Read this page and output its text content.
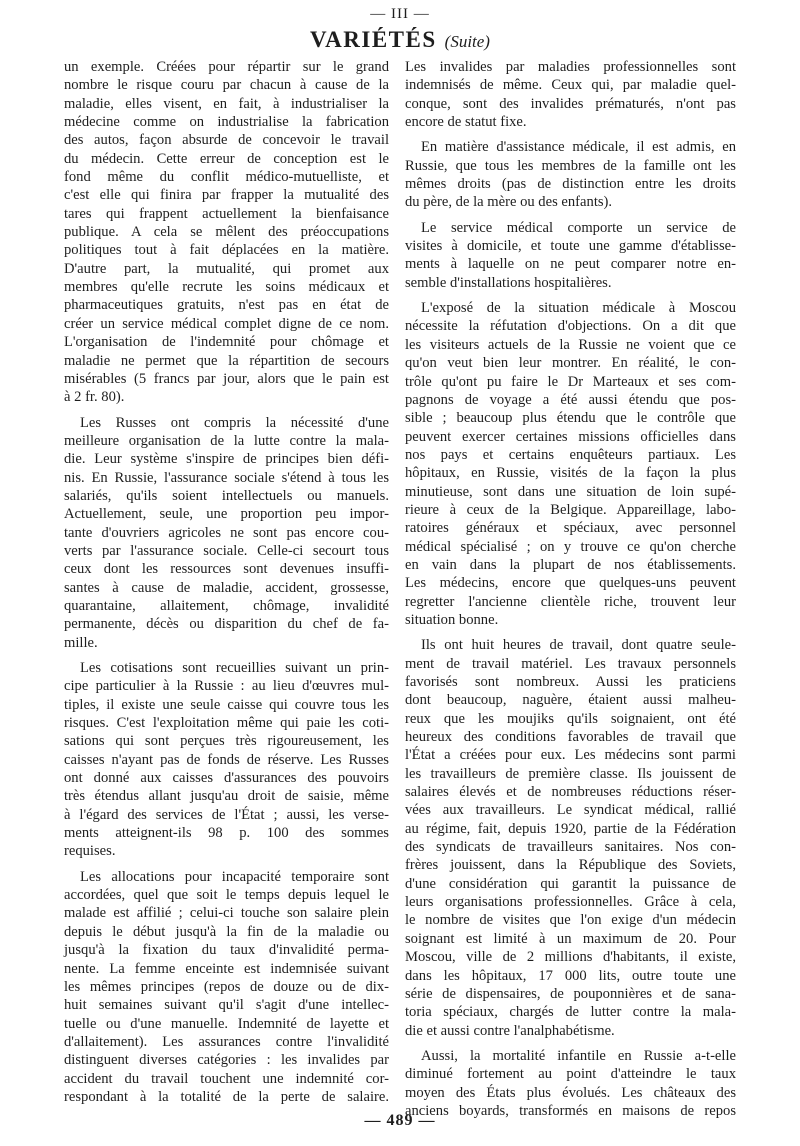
— III —
VARIÉTÉS (Suite)
un exemple. Créées pour répartir sur le grand
nombre le risque couru par chacun à cause de la
maladie, elles visent, en fait, à industrialiser la
médecine comme on industrialise la fabrication
des autos, façon absurde de concevoir le travail
du médecin. Cette erreur de conception est le
fond même du conflit médico-mutuelliste, et
c'est elle qui finira par frapper la mutualité des
tares qui frappent actuellement la bienfaisance
publique. A cela se mêlent des préoccupations
politiques tout à fait déplacées en la matière.
D'autre part, la mutualité, qui promet aux
membres qu'elle recrute les soins médicaux et
pharmaceutiques gratuits, n'est pas en état de
créer un service médical complet digne de ce nom.
L'organisation de l'indemnité pour chômage et
maladie ne permet que la répartition de secours
misérables (5 francs par jour, alors que le pain est
à 2 fr. 80).
Les Russes ont compris la nécessité d'une
meilleure organisation de la lutte contre la mala-
die. Leur système s'inspire de principes bien défi-
nis. En Russie, l'assurance sociale s'étend à tous les
salariés, qu'ils soient intellectuels ou manuels.
Actuellement, seule, une proportion peu impor-
tante d'ouvriers agricoles ne sont pas encore cou-
verts par l'assurance sociale. Celle-ci secourt tous
ceux dont les ressources sont devenues insuffi-
santes à cause de maladie, accident, grossesse,
quarantaine, allaitement, chômage, invalidité
permanente, décès ou disparition du chef de fa-
mille.
Les cotisations sont recueillies suivant un prin-
cipe particulier à la Russie : au lieu d'œuvres mul-
tiples, il existe une seule caisse qui couvre tous les
risques. C'est l'exploitation même qui paie les coti-
sations qui sont perçues très rigoureusement, les
caisses n'ayant pas de fonds de réserve. Les Russes
ont donné aux caisses d'assurances des pouvoirs
très étendus allant jusqu'au droit de saisie, même
à l'égard des services de l'État ; aussi, les verse-
ments atteignent-ils 98 p. 100 des sommes
requises.
Les allocations pour incapacité temporaire sont
accordées, quel que soit le temps depuis lequel le
malade est affilié ; celui-ci touche son salaire plein
depuis le début jusqu'à la fin de la maladie ou
jusqu'à la fixation du taux d'invalidité perma-
nente. La femme enceinte est indemnisée suivant
les mêmes principes (repos de douze ou de dix-
huit semaines suivant qu'il s'agit d'une intellec-
tuelle ou d'une manuelle. Indemnité de layette et
d'allaitement). Les assurances contre l'invalidité
distinguent diverses catégories : les invalides par
accident du travail touchent une indemnité cor-
respondant à la totalité de la perte de salaire.
Les invalides par maladies professionnelles sont
indemnisés de même. Ceux qui, par maladie quel-
conque, sont des invalides prématurés, n'ont pas
encore de statut fixe.
En matière d'assistance médicale, il est admis, en
Russie, que tous les membres de la famille ont les
mêmes droits (pas de distinction entre les droits
du père, de la mère ou des enfants).
Le service médical comporte un service de
visites à domicile, et toute une gamme d'établisse-
ments à laquelle on ne peut comparer notre en-
semble d'installations hospitalières.
L'exposé de la situation médicale à Moscou
nécessite la réfutation d'objections. On a dit que
les visiteurs actuels de la Russie ne voient que ce
qu'on veut bien leur montrer. En réalité, le con-
trôle qu'ont pu faire le Dr Marteaux et ses com-
pagnons de voyage a été aussi étendu que pos-
sible ; beaucoup plus étendu que le contrôle que
peuvent exercer certaines missions officielles dans
nos pays et certains enquêteurs partiaux. Les
hôpitaux, en Russie, visités de la façon la plus
minutieuse, sont dans une situation de loin supé-
rieure à ceux de la Belgique. Appareillage, labo-
ratoires généraux et spéciaux, avec personnel
médical spécialisé ; on y trouve ce qu'on cherche
en vain dans la plupart de nos établissements.
Les médecins, encore que quelques-uns peuvent
regretter l'ancienne clientèle riche, trouvent leur
situation bonne.
Ils ont huit heures de travail, dont quatre seule-
ment de travail matériel. Les travaux personnels
favorisés sont nombreux. Aussi les praticiens
dont beaucoup, naguère, étaient aussi malheu-
reux que les moujiks qu'ils soignaient, ont été
heureux des conditions favorables de travail que
l'État a créées pour eux. Les médecins sont parmi
les travailleurs de première classe. Ils jouissent de
salaires élevés et de nombreuses réductions réser-
vées aux travailleurs. Le syndicat médical, rallié
au régime, fait, depuis 1920, partie de la Fédération
des syndicats de travailleurs sanitaires. Nos con-
frères jouissent, dans la République des Soviets,
d'une considération qui garantit la puissance de
leurs organisations professionnelles. Grâce à cela,
le nombre de visites que l'on exige d'un médecin
soignant est limité à un maximum de 20. Pour
Moscou, ville de 2 millions d'habitants, il existe,
dans les hôpitaux, 17 000 lits, outre toute une
série de dispensaires, de pouponnières et de sana-
toria spéciaux, chargés de lutter contre la mala-
die et aussi contre l'analphabétisme.
Aussi, la mortalité infantile en Russie a-t-elle
diminué fortement au point d'atteindre le taux
moyen des États plus évolués. Les châteaux des
anciens boyards, transformés en maisons de repos
— 489 —
